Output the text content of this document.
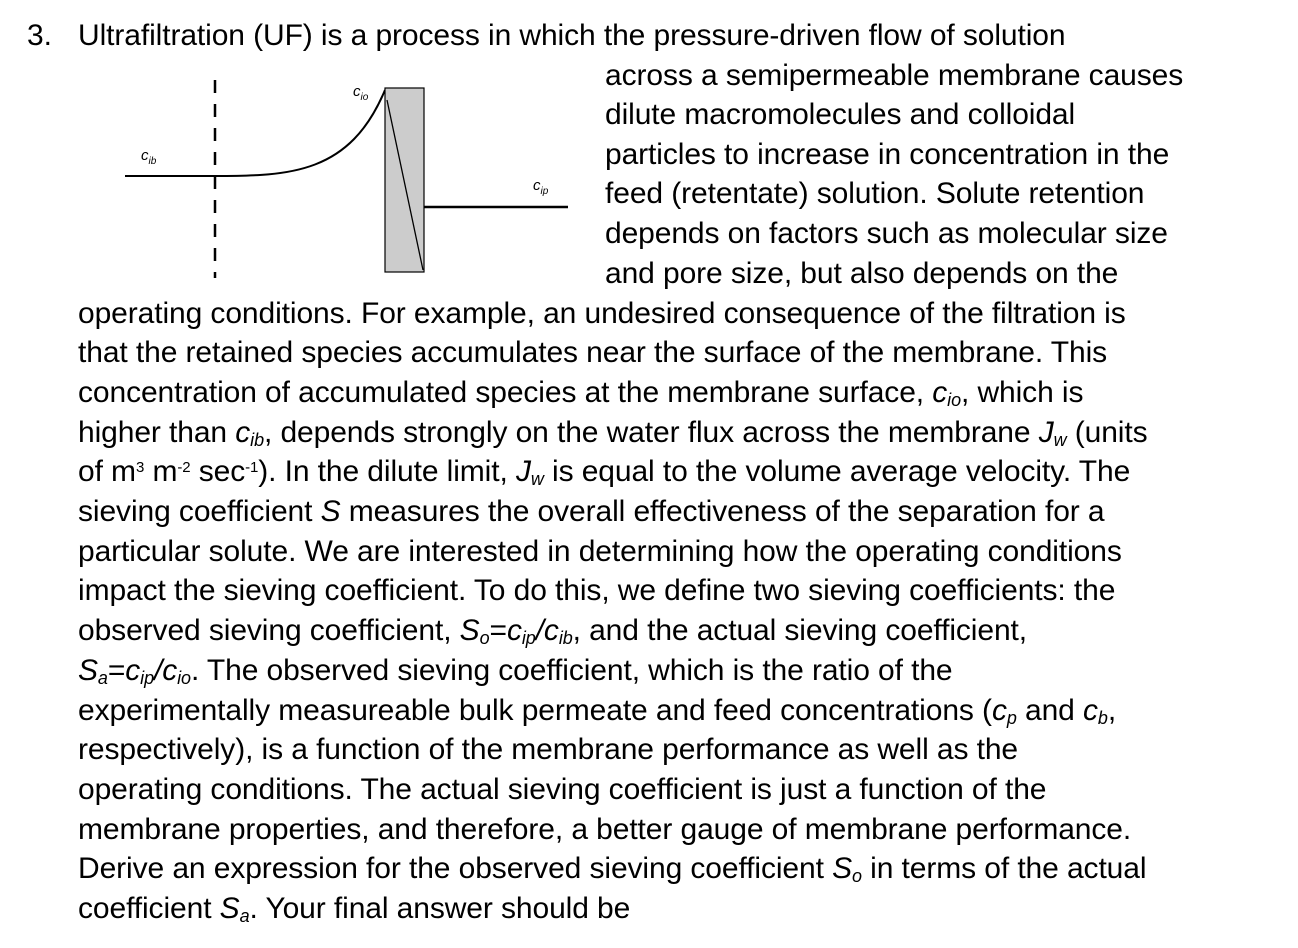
$c_{io}$
$c_{ib}$
$c_{ip}$
3. Ultrafiltration (UF) is a process in which the pressure-driven flow of solution
across a semipermeable membrane causes
dilute macromolecules and colloidal
particles to increase in concentration in the
feed (retentate) solution. Solute retention
depends on factors such as molecular size
and pore size, but also depends on the
operating conditions. For example, an undesired consequence of the filtration is
that the retained species accumulates near the surface of the membrane. This
concentration of accumulated species at the membrane surface, $c_{io}$, which is
higher than $c_{ib}$, depends strongly on the water flux across the membrane $J_w$ (units
of $m^3$ $m^{-2}$ $\sec^{-1}$). In the dilute limit, $J_w$ is equal to the volume average velocity. The
sieving coefficient S measures the overall effectiveness of the separation for a
particular solute. We are interested in determining how the operating conditions
impact the sieving coefficient. To do this, we define two sieving coefficients: the
observed sieving coefficient, $S_o=c_{ip}/c_{ib}$, and the actual sieving coefficient,
$S_a=c_{ip}/c_{io}$. The observed sieving coefficient, which is the ratio of the
experimentally measureable bulk permeate and feed concentrations ($c_p$ and $c_b$,
respectively), is a function of the membrane performance as well as the
operating conditions. The actual sieving coefficient is just a function of the
membrane properties, and therefore, a better gauge of membrane performance.
Derive an expression for the observed sieving coefficient $S_o$ in terms of the actual
coefficient $S_a$. Your final answer should be
